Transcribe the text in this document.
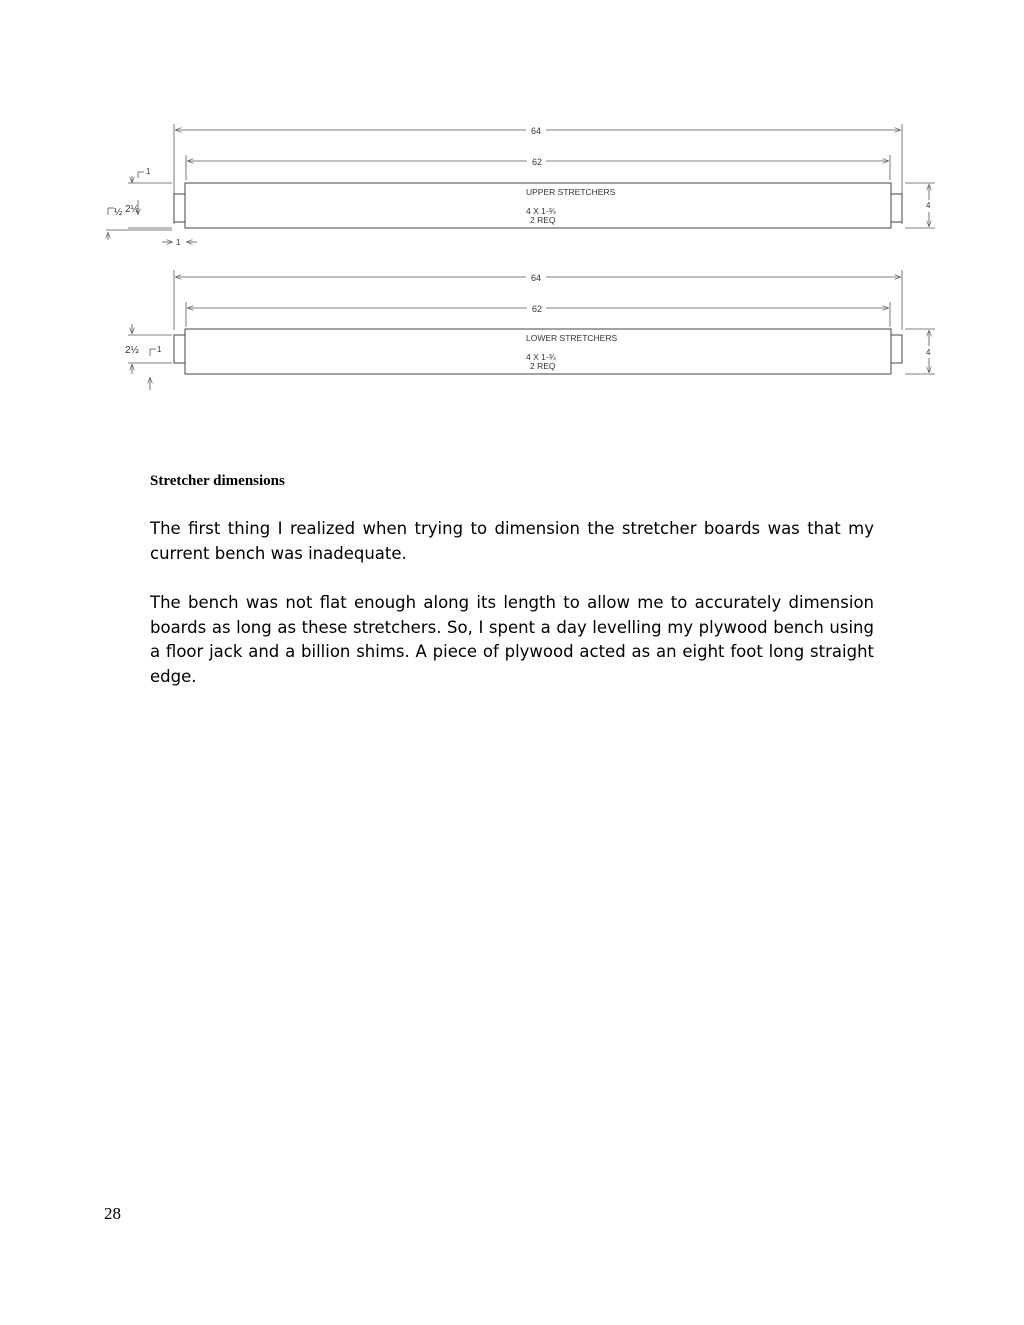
64
62
UPPER STRETCHERS
4 X 1-¾
2 REQ
4
1
½ 2½
1
64
62
LOWER STRETCHERS
4 X 1-¾
2 REQ
4
2½ 1

Stretcher dimensions

The first thing I realized when trying to dimension the stretcher boards was that my current bench was inadequate.

The bench was not flat enough along its length to allow me to accurately dimension boards as long as these stretchers. So, I spent a day levelling my plywood bench using a floor jack and a billion shims. A piece of plywood acted as an eight foot long straight edge.

28
